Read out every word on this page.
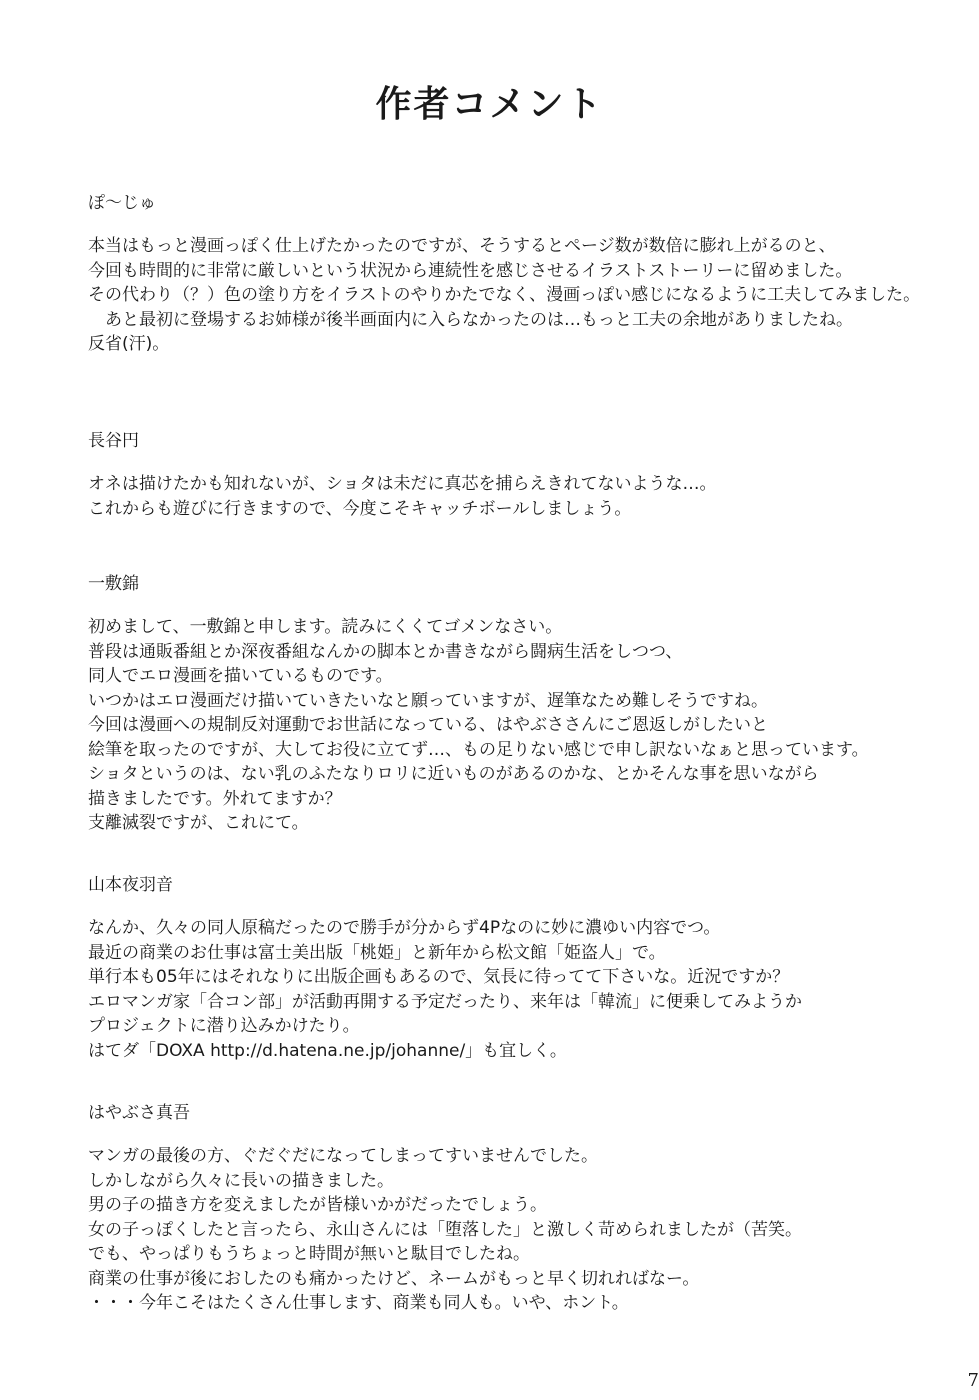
作者コメント
ぽ〜じゅ
本当はもっと漫画っぽく仕上げたかったのですが、そうするとページ数が数倍に膨れ上がるのと、
今回も時間的に非常に厳しいという状況から連続性を感じさせるイラストストーリーに留めました。
その代わり（？）色の塗り方をイラストのやりかたでなく、漫画っぽい感じになるように工夫してみました。
　あと最初に登場するお姉様が後半画面内に入らなかったのは…もっと工夫の余地がありましたね。
反省(汗)。
長谷円
オネは描けたかも知れないが、ショタは未だに真芯を捕らえきれてないような…。
これからも遊びに行きますので、今度こそキャッチボールしましょう。
一敷錦
初めまして、一敷錦と申します。読みにくくてゴメンなさい。
普段は通販番組とか深夜番組なんかの脚本とか書きながら闘病生活をしつつ、
同人でエロ漫画を描いているものです。
いつかはエロ漫画だけ描いていきたいなと願っていますが、遅筆なため難しそうですね。
今回は漫画への規制反対運動でお世話になっている、はやぶささんにご恩返しがしたいと
絵筆を取ったのですが、大してお役に立てず…、もの足りない感じで申し訳ないなぁと思っています。
ショタというのは、ない乳のふたなりロリに近いものがあるのかな、とかそんな事を思いながら
描きましたです。外れてますか？
支離滅裂ですが、これにて。
山本夜羽音
なんか、久々の同人原稿だったので勝手が分からず4Pなのに妙に濃ゆい内容でつ。
最近の商業のお仕事は富士美出版「桃姫」と新年から松文館「姫盗人」で。
単行本も05年にはそれなりに出版企画もあるので、気長に待ってて下さいな。近況ですか？
エロマンガ家「合コン部」が活動再開する予定だったり、来年は「韓流」に便乗してみようか
プロジェクトに潜り込みかけたり。
はてダ「DOXA http://d.hatena.ne.jp/johanne/」も宜しく。
はやぶさ真吾
マンガの最後の方、ぐだぐだになってしまってすいませんでした。
しかしながら久々に長いの描きました。
男の子の描き方を変えましたが皆様いかがだったでしょう。
女の子っぽくしたと言ったら、永山さんには「堕落した」と激しく苛められましたが（苦笑。
でも、やっぱりもうちょっと時間が無いと駄目でしたね。
商業の仕事が後におしたのも痛かったけど、ネームがもっと早く切れればなー。
・・・今年こそはたくさん仕事します、商業も同人も。いや、ホント。
7
